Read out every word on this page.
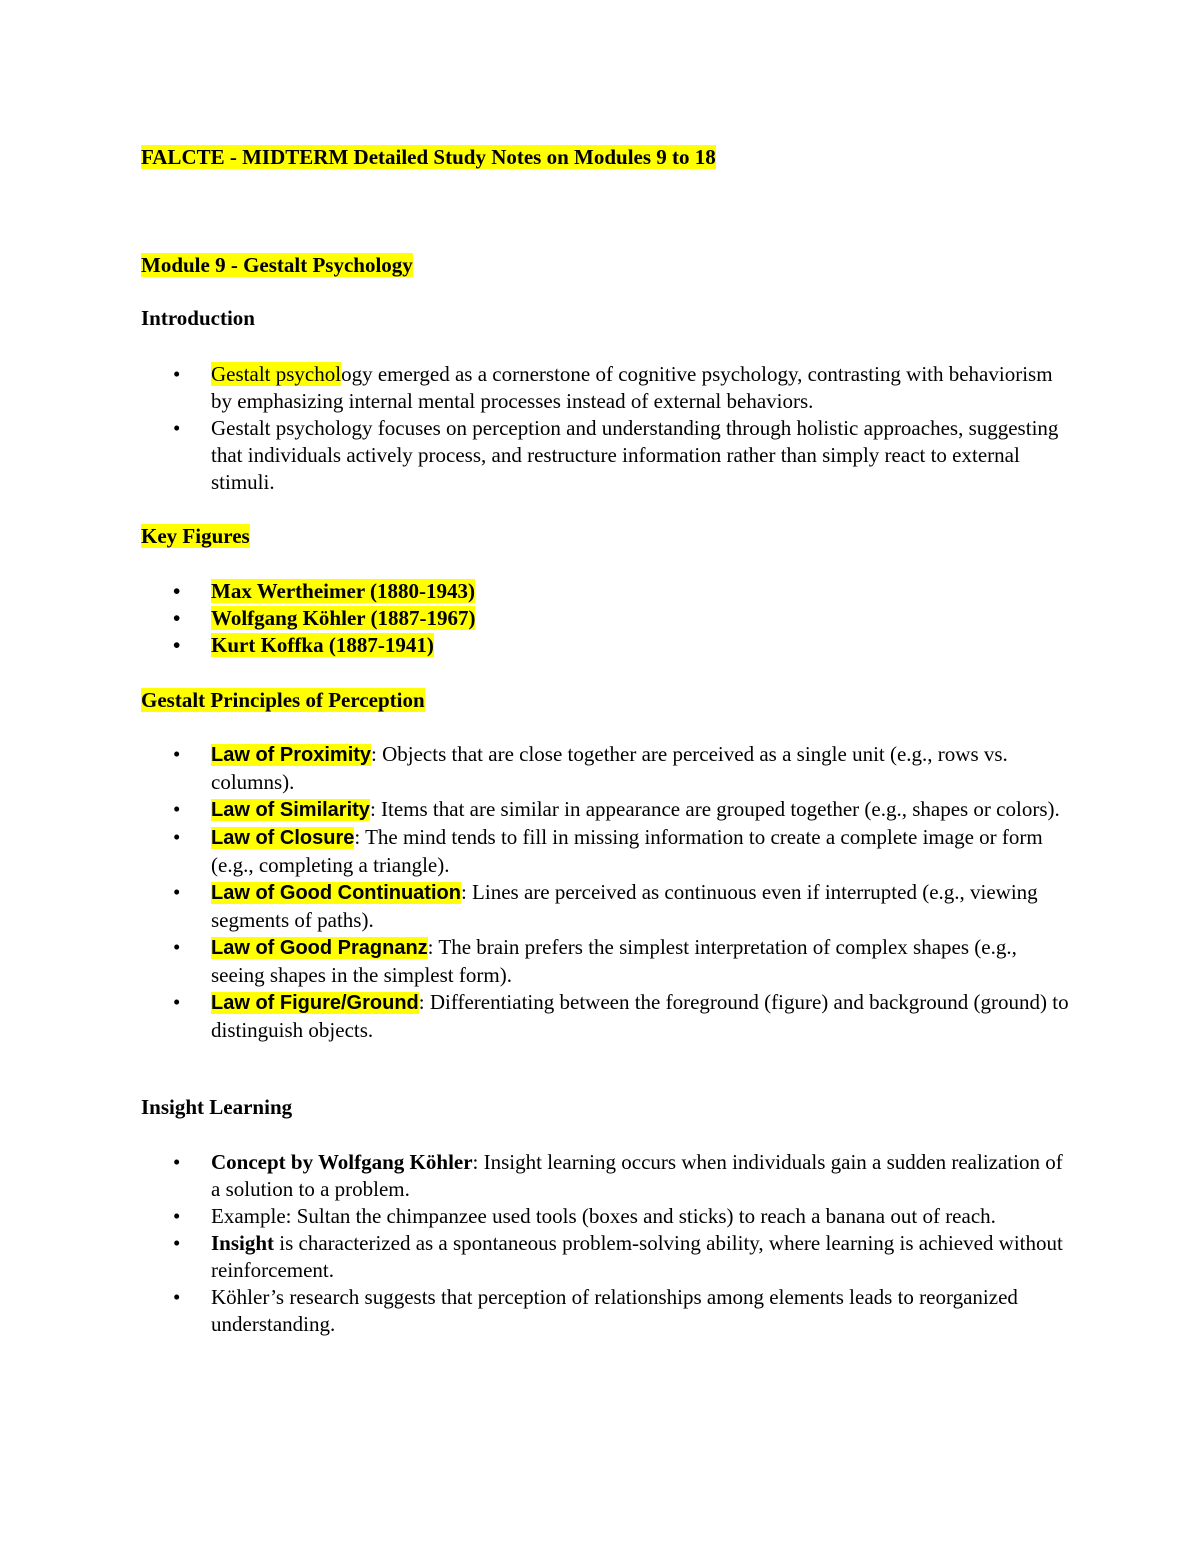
FALCTE - MIDTERM Detailed Study Notes on Modules 9 to 18

Module 9 - Gestalt Psychology

Introduction

• Gestalt psychology emerged as a cornerstone of cognitive psychology, contrasting with behaviorism by emphasizing internal mental processes instead of external behaviors.
• Gestalt psychology focuses on perception and understanding through holistic approaches, suggesting that individuals actively process, and restructure information rather than simply react to external stimuli.

Key Figures

• Max Wertheimer (1880-1943)
• Wolfgang Köhler (1887-1967)
• Kurt Koffka (1887-1941)

Gestalt Principles of Perception

• Law of Proximity: Objects that are close together are perceived as a single unit (e.g., rows vs. columns).
• Law of Similarity: Items that are similar in appearance are grouped together (e.g., shapes or colors).
• Law of Closure: The mind tends to fill in missing information to create a complete image or form (e.g., completing a triangle).
• Law of Good Continuation: Lines are perceived as continuous even if interrupted (e.g., viewing segments of paths).
• Law of Good Pragnanz: The brain prefers the simplest interpretation of complex shapes (e.g., seeing shapes in the simplest form).
• Law of Figure/Ground: Differentiating between the foreground (figure) and background (ground) to distinguish objects.

Insight Learning

• Concept by Wolfgang Köhler: Insight learning occurs when individuals gain a sudden realization of a solution to a problem.
• Example: Sultan the chimpanzee used tools (boxes and sticks) to reach a banana out of reach.
• Insight is characterized as a spontaneous problem-solving ability, where learning is achieved without reinforcement.
• Köhler’s research suggests that perception of relationships among elements leads to reorganized understanding.
